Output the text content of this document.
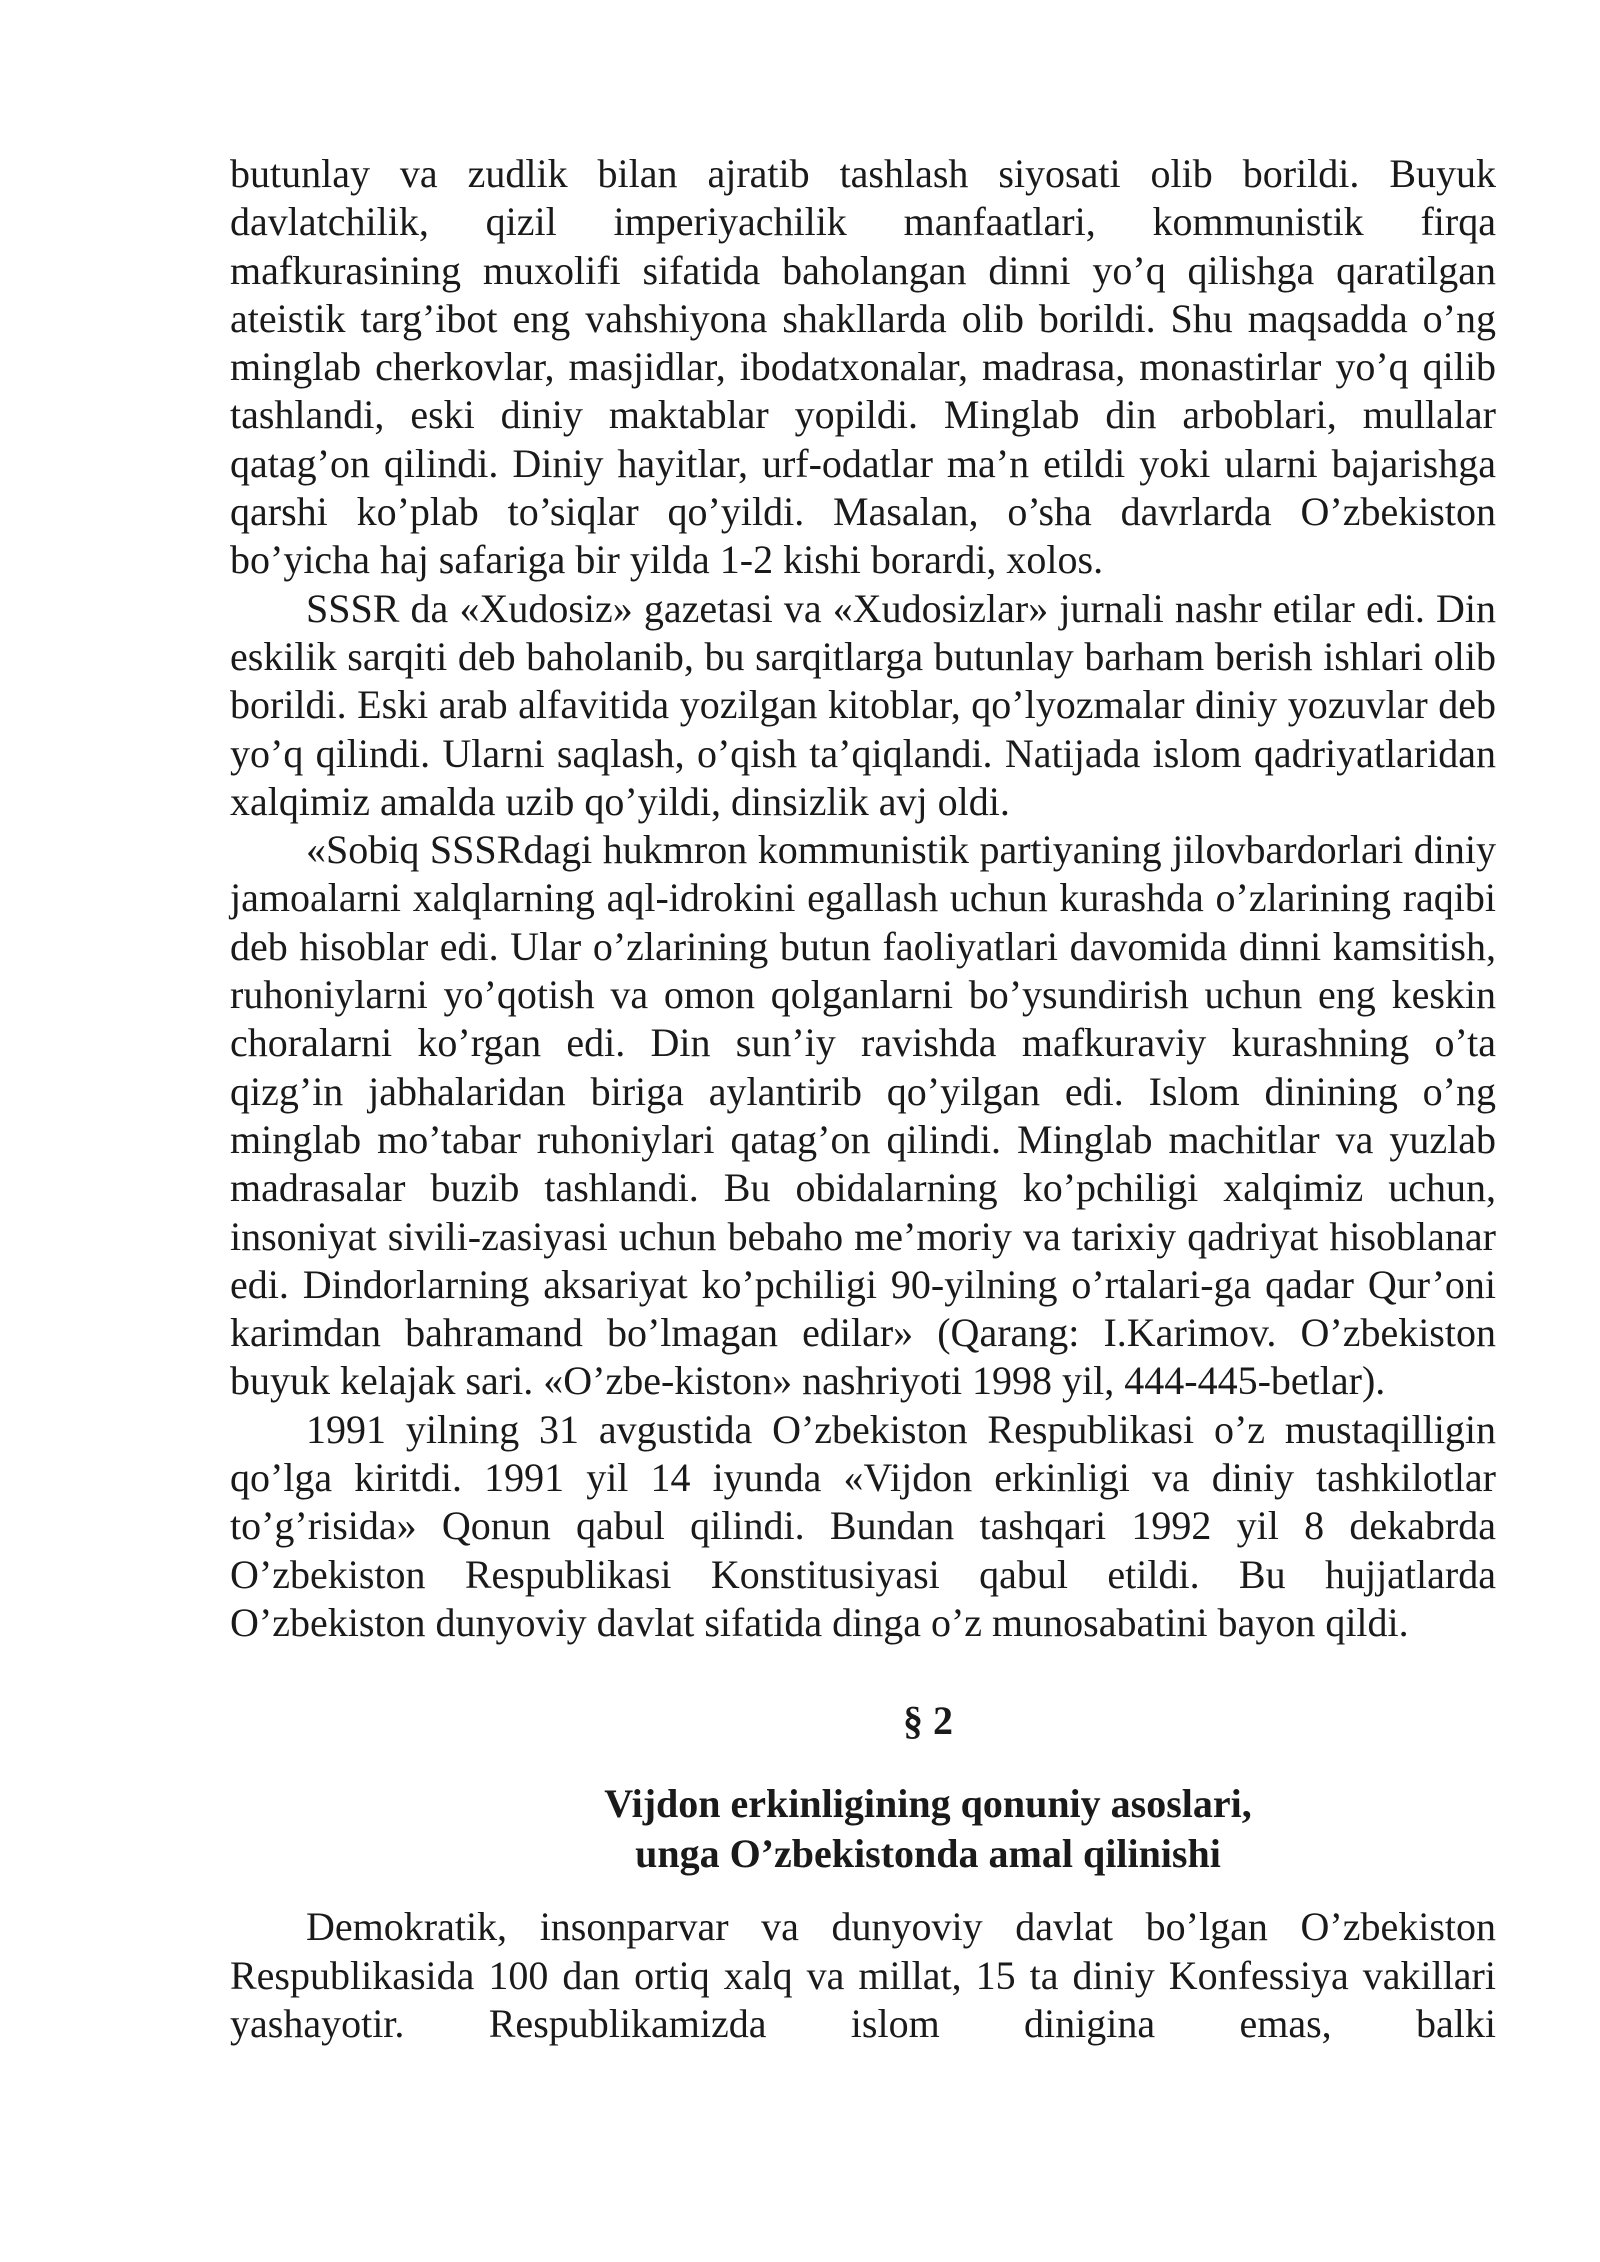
butunlay va zudlik bilan ajratib tashlash siyosati olib borildi. Buyuk davlatchilik, qizil imperiyachilik manfaatlari, kommunistik firqa mafkurasining muxolifi sifatida baholangan dinni yo’q qilishga qaratilgan ateistik targ’ibot eng vahshiyona shakllarda olib borildi. Shu maqsadda o’ng minglab cherkovlar, masjidlar, ibodatxonalar, madrasa, monastirlar yo’q qilib tashlandi, eski diniy maktablar yopildi. Minglab din arboblari, mullalar qatag’on qilindi. Diniy hayitlar, urf-odatlar ma’n etildi yoki ularni bajarishga qarshi ko’plab to’siqlar qo’yildi. Masalan, o’sha davrlarda O’zbekiston bo’yicha haj safariga bir yilda 1-2 kishi borardi, xolos.

SSSR da «Xudosiz» gazetasi va «Xudosizlar» jurnali nashr etilar edi. Din eskilik sarqiti deb baholanib, bu sarqitlarga butunlay barham berish ishlari olib borildi. Eski arab alfavitida yozilgan kitoblar, qo’lyozmalar diniy yozuvlar deb yo’q qilindi. Ularni saqlash, o’qish ta’qiqlandi. Natijada islom qadriyatlaridan xalqimiz amalda uzib qo’yildi, dinsizlik avj oldi.

«Sobiq SSSRdagi hukmron kommunistik partiyaning jilovbardorlari diniy jamoalarni xalqlarning aql-idrokini egallash uchun kurashda o’zlarining raqibi deb hisoblar edi. Ular o’zlarining butun faoliyatlari davomida dinni kamsitish, ruhoniylarni yo’qotish va omon qolganlarni bo’ysundirish uchun eng keskin choralarni ko’rgan edi. Din sun’iy ravishda mafkuraviy kurashning o’ta qizg’in jabhalaridan biriga aylantirib qo’yilgan edi. Islom dinining o’ng minglab mo’tabar ruhoniylari qatag’on qilindi. Minglab machitlar va yuzlab madrasalar buzib tashlandi. Bu obidalarning ko’pchiligi xalqimiz uchun, insoniyat sivili-zasiyasi uchun bebaho me’moriy va tarixiy qadriyat hisoblanar edi. Dindorlarning aksariyat ko’pchiligi 90-yilning o’rtalari-ga qadar Qur’oni karimdan bahramand bo’lmagan edilar» (Qarang: I.Karimov. O’zbekiston buyuk kelajak sari. «O’zbe-kiston» nashriyoti 1998 yil, 444-445-betlar).

1991 yilning 31 avgustida O’zbekiston Respublikasi o’z mustaqilligin qo’lga kiritdi. 1991 yil 14 iyunda «Vijdon erkinligi va diniy tashkilotlar to’g’risida» Qonun qabul qilindi. Bundan tashqari 1992 yil 8 dekabrda O’zbekiston Respublikasi Konstitusiyasi qabul etildi. Bu hujjatlarda O’zbekiston dunyoviy davlat sifatida dinga o’z munosabatini bayon qildi.

§ 2
Vijdon erkinligining qonuniy asoslari,
unga O’zbekistonda amal qilinishi

Demokratik, insonparvar va dunyoviy davlat bo’lgan O’zbekiston Respublikasida 100 dan ortiq xalq va millat, 15 ta diniy Konfessiya vakillari yashayotir. Respublikamizda islom dinigina emas, balki
